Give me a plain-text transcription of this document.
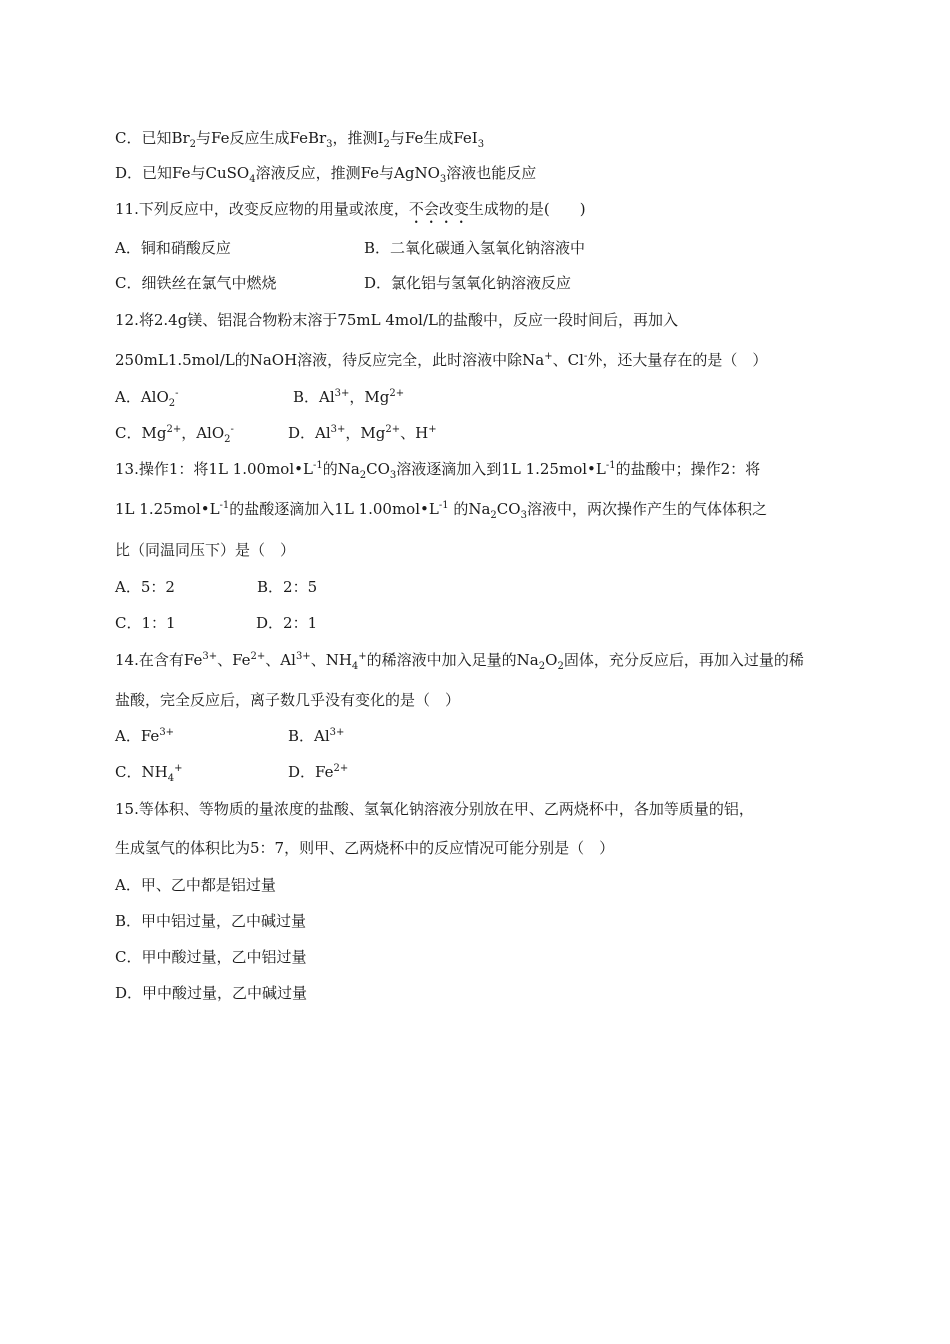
C．已知$Br_2$与Fe反应生成FeBr$_3$，推测$I_2$与Fe生成FeI$_3$
D．已知Fe与CuSO$_4$溶液反应，推测Fe与AgNO$_3$溶液也能反应
11.下列反应中，改变反应物的用量或浓度，不会改变生成物的是(　　)
A．铜和硝酸反应	B．二氧化碳通入氢氧化钠溶液中
C．细铁丝在氯气中燃烧	D．氯化铝与氢氧化钠溶液反应
12.将2.4g镁、铝混合物粉末溶于75mL 4mol/L的盐酸中，反应一段时间后，再加入
250mL1.5mol/L的NaOH溶液，待反应完全，此时溶液中除Na+、Cl-外，还大量存在的是（　）
A．AlO$_2$-	B．$Al^{3+}$，$Mg^{2+}$
C．$Mg^{2+}$，AlO$_2$-	D．$Al^{3+}$，$Mg^{2+}$、H+
13.操作1：将1L $1.00mol•L^{-1}$的$Na_2CO_3$溶液逐滴加入到1L $1.25mol•L^{-1}$的盐酸中；操作2：将
1L $1.25mol•L^{-1}$的盐酸逐滴加入1L $1.00mol•L^{-1}$ 的$Na_2CO_3$溶液中，两次操作产生的气体体积之
比（同温同压下）是（　）
A．5：2	B．2：5
C．1：1	D．2：1
14.在含有$Fe^{3+}$、$Fe^{2+}$、$Al^{3+}$、$NH_4^+$的稀溶液中加入足量的$Na_2O_2$固体，充分反应后，再加入过量的稀
盐酸，完全反应后，离子数几乎没有变化的是（　）
A．$Fe^{3+}$	B．$Al^{3+}$
C．$NH_4^+$	D．$Fe^{2+}$
15.等体积、等物质的量浓度的盐酸、氢氧化钠溶液分别放在甲、乙两烧杯中，各加等质量的铝，
生成氢气的体积比为5：7，则甲、乙两烧杯中的反应情况可能分别是（　）
A．甲、乙中都是铝过量
B．甲中铝过量，乙中碱过量
C．甲中酸过量，乙中铝过量
D．甲中酸过量，乙中碱过量
